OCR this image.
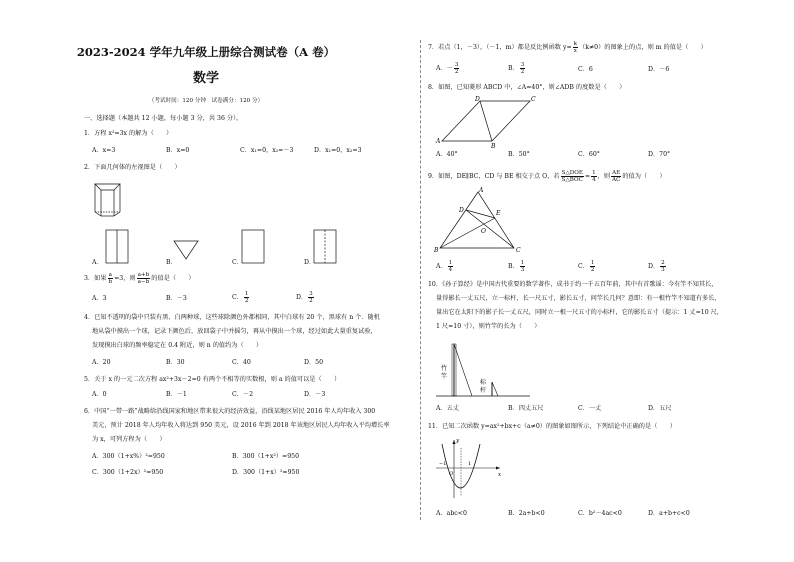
2023-2024 学年九年级上册综合测试卷（A 卷）
数学
（考试时间：120 分钟　试卷满分：120 分）
一、选择题（本题共 12 小题，每小题 3 分，共 36 分）。
1．方程 x²=3x 的解为（　　）
A．x=3	B．x=0	C．x₁=0，x₂=－3	D．x₁=0，x₂=3
2．下面几何体的左视图是（　　）
A．	B．	C．	D．
3．如果 $\frac{a}{b} =3$，则 $\frac{a+b}{a-b}$ 的值是（　　）
A．3	B．－3	C． $\frac{1}{2}$	D． $\frac{3}{2}$
4．已知不透明的袋中只装有黑、白两种球，这些球除颜色外都相同，其中白球有 20 个，黑球有 n 个．随机
地从袋中摸出一个球，记录下颜色后，放回袋子中并摇匀，再从中摸出一个球，经过如此大量重复试验，
发现摸出白球的频率稳定在 0.4 附近，则 n 的值约为（　　）
A．20	B．30	C．40	D．50
5．关于 x 的一元二次方程 ax²+3x－2=0 有两个不相等的实数根，则 a 的值可以是（　　）
A．0	B．－1	C．－2	D．－3
6．中国“一带一路”战略给沿线国家和地区带来很大的经济效益，沿线某地区居民 2016 年人均年收入 300
美元，预计 2018 年人均年收入将达到 950 美元，设 2016 年到 2018 年该地区居民人均年收入平均增长率
为 x，可列方程为（　　）
A．300（1+x%）²=950	B．300（1+x²）=950
C．300（1+2x）²=950	D．300（1+x）²=950
7．若点（1，－3），（－1，m）都是反比例函数 $y= \frac{k}{x} (k\ne 0)$的图象上的点，则 m 的值是（　　）
A．－ $\frac{3}{2}$	B． $\frac{3}{2}$	C．6	D．－6
8．如图，已知菱形 ABCD 中，∠A=40°，则∠ADB 的度数是（　　）
D	C
A
B
A．40°	B．50°	C．60°	D．70°
9．如图，DE∥BC，CD 与 BE 相交于点 O，若 $\frac{\text{S△DOE}}{\text{S△BOC}} = \frac{1}{4}$ ，则 $\frac{AE}{AC}$ 的值为（　　）
A
D	E
O
B	C
A． $\frac{1}{4}$	B． $\frac{1}{3}$	C． $\frac{1}{2}$	D． $\frac{2}{3}$
10．《孙子算经》是中国古代重要的数学著作，成书于约一千五百年前，其中有首歌谣：今有竿不知其长，
量得影长一丈五尺，立一标杆，长一尺五寸，影长五寸，问竿长几何？意即：有一根竹竿不知道有多长，
量出它在太阳下的影子长一丈五尺，同时立一根一尺五寸的小标杆，它的影长五寸（提示：1 丈=10 尺，
1 尺=10 寸），则竹竿的长为（　　）
竹
竿
标
杆
A．五丈	B．四丈五尺	C．一丈	D．五尺
11．已知二次函数 y=ax²+bx+c（a≠0）的图象如图所示，下列结论中正确的是（　　）
y
x
O
−1	1
A．abc<0	B．2a+b<0	C．b²－4ac<0	D．a+b+c<0
